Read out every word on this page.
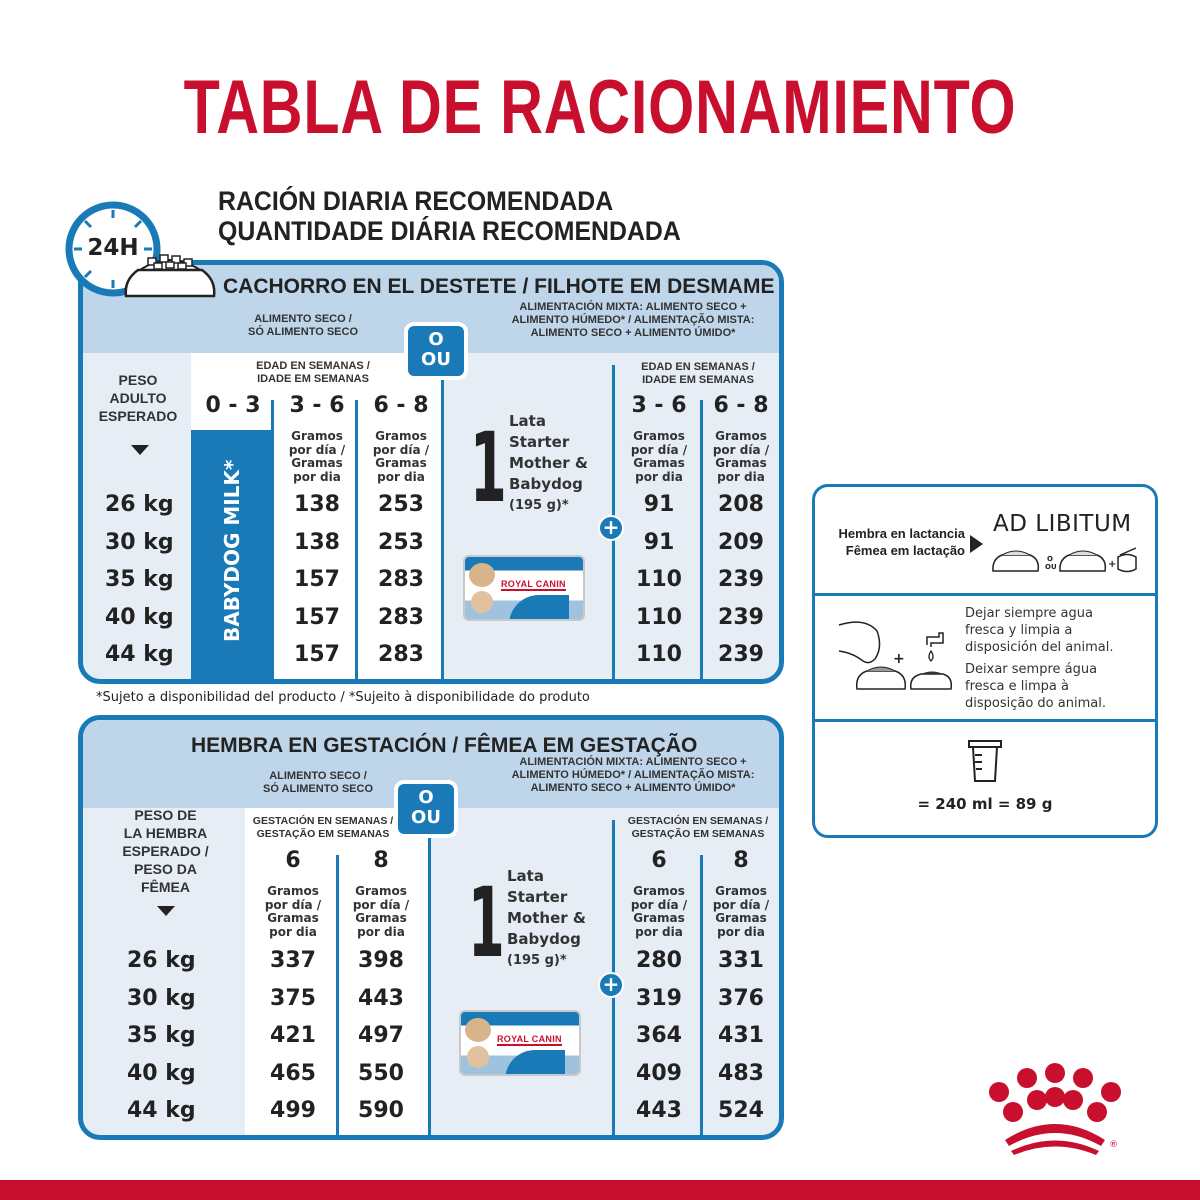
TABLA DE RACIONAMIENTO
RACIÓN DIARIA RECOMENDADA
QUANTIDADE DIÁRIA RECOMENDADA
CACHORRO EN EL DESTETE / FILHOTE EM DESMAME
ALIMENTO SECO /
SÓ ALIMENTO SECO
ALIMENTACIÓN MIXTA: ALIMENTO SECO +
ALIMENTO HÚMEDO* / ALIMENTAÇÃO MISTA:
ALIMENTO SECO + ALIMENTO ÚMIDO*
PESO
ADULTO
ESPERADO
EDAD EN SEMANAS /
IDADE EM SEMANAS
0 - 3	3 - 6	6 - 8
BABYDOG MILK*
Gramos
por día /
Gramas
por dia
Gramos
por día /
Gramas
por dia
26 kg	138	253	91	208
30 kg	138	253	91	209
35 kg	157	283	110	239
40 kg	157	283	110	239
44 kg	157	283	110	239
EDAD EN SEMANAS /
IDADE EM SEMANAS
3 - 6	6 - 8
Gramos
por día /
Gramas
por dia
Gramos
por día /
Gramas
por dia
1 Lata
Starter
Mother &
Babydog
(195 g)*
ROYAL CANIN
+
O
OU
24H
*Sujeto a disponibilidad del producto / *Sujeito à disponibilidade do produto
HEMBRA EN GESTACIÓN / FÊMEA EM GESTAÇÃO
ALIMENTO SECO /
SÓ ALIMENTO SECO
ALIMENTACIÓN MIXTA: ALIMENTO SECO +
ALIMENTO HÚMEDO* / ALIMENTAÇÃO MISTA:
ALIMENTO SECO + ALIMENTO ÚMIDO*
PESO DE
LA HEMBRA
ESPERADO /
PESO DA
FÊMEA
GESTACIÓN EN SEMANAS /
GESTAÇÃO EM SEMANAS
6	8
Gramos
por día /
Gramas
por dia
Gramos
por día /
Gramas
por dia
26 kg	337	398	280	331
30 kg	375	443	319	376
35 kg	421	497	364	431
40 kg	465	550	409	483
44 kg	499	590	443	524
GESTACIÓN EN SEMANAS /
GESTAÇÃO EM SEMANAS
6	8
Gramos
por día /
Gramas
por dia
Gramos
por día /
Gramas
por dia
1 Lata
Starter
Mother &
Babydog
(195 g)*
ROYAL CANIN
+
O
OU
Hembra en lactancia
Fêmea em lactação
AD LIBITUM
O
OU	+
+
Dejar siempre agua
fresca y limpia a
disposición del animal.
Deixar sempre água
fresca e limpa à
disposição do animal.
= 240 ml = 89 g
®
